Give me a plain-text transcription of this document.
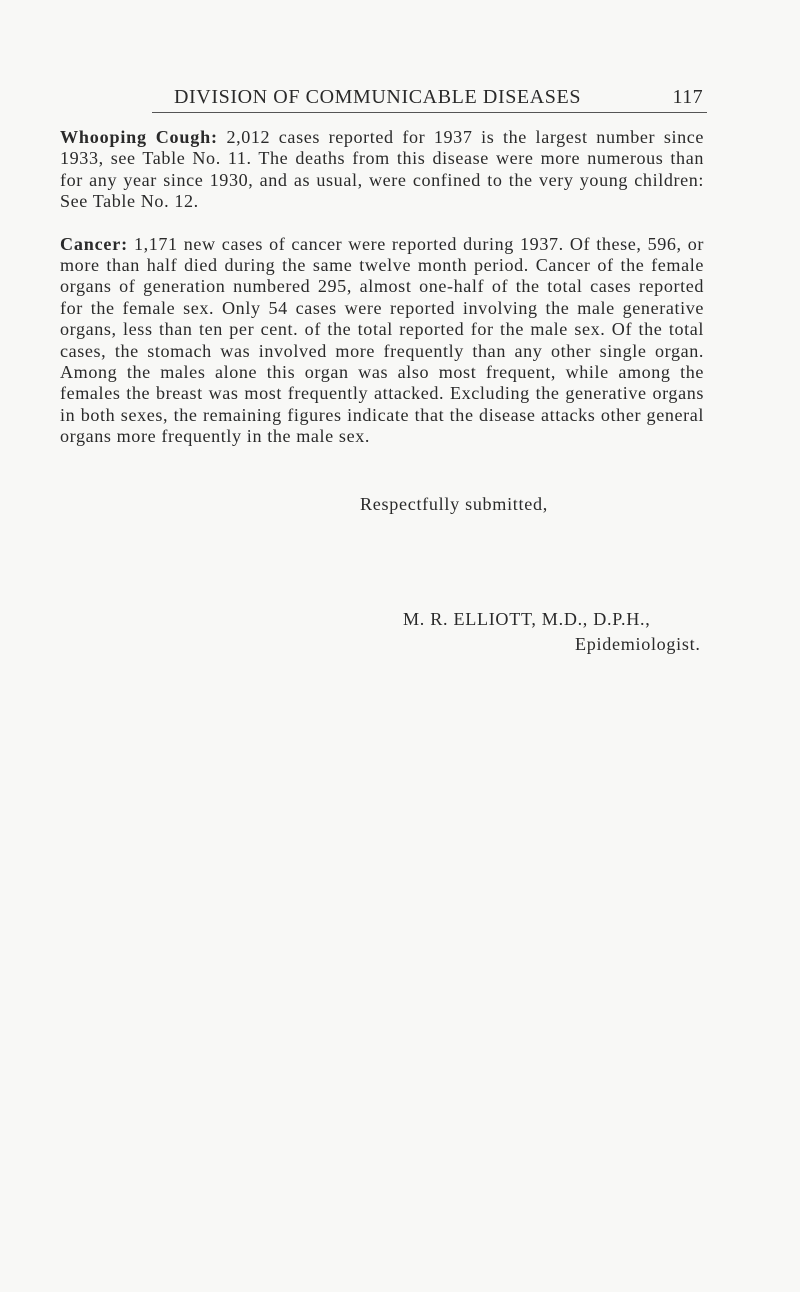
DIVISION OF COMMUNICABLE DISEASES	117

Whooping Cough: 2,012 cases reported for 1937 is the largest number since 1933, see Table No. 11. The deaths from this disease were more numerous than for any year since 1930, and as usual, were confined to the very young children: See Table No. 12.

Cancer: 1,171 new cases of cancer were reported during 1937. Of these, 596, or more than half died during the same twelve month period. Cancer of the female organs of generation numbered 295, almost one-half of the total cases reported for the female sex. Only 54 cases were reported involving the male generative organs, less than ten per cent. of the total reported for the male sex. Of the total cases, the stomach was involved more frequently than any other single organ. Among the males alone this organ was also most frequent, while among the females the breast was most frequently attacked. Excluding the generative organs in both sexes, the remaining figures indicate that the disease attacks other general organs more frequently in the male sex.

Respectfully submitted,
M. R. ELLIOTT, M.D., D.P.H.,
Epidemiologist.
